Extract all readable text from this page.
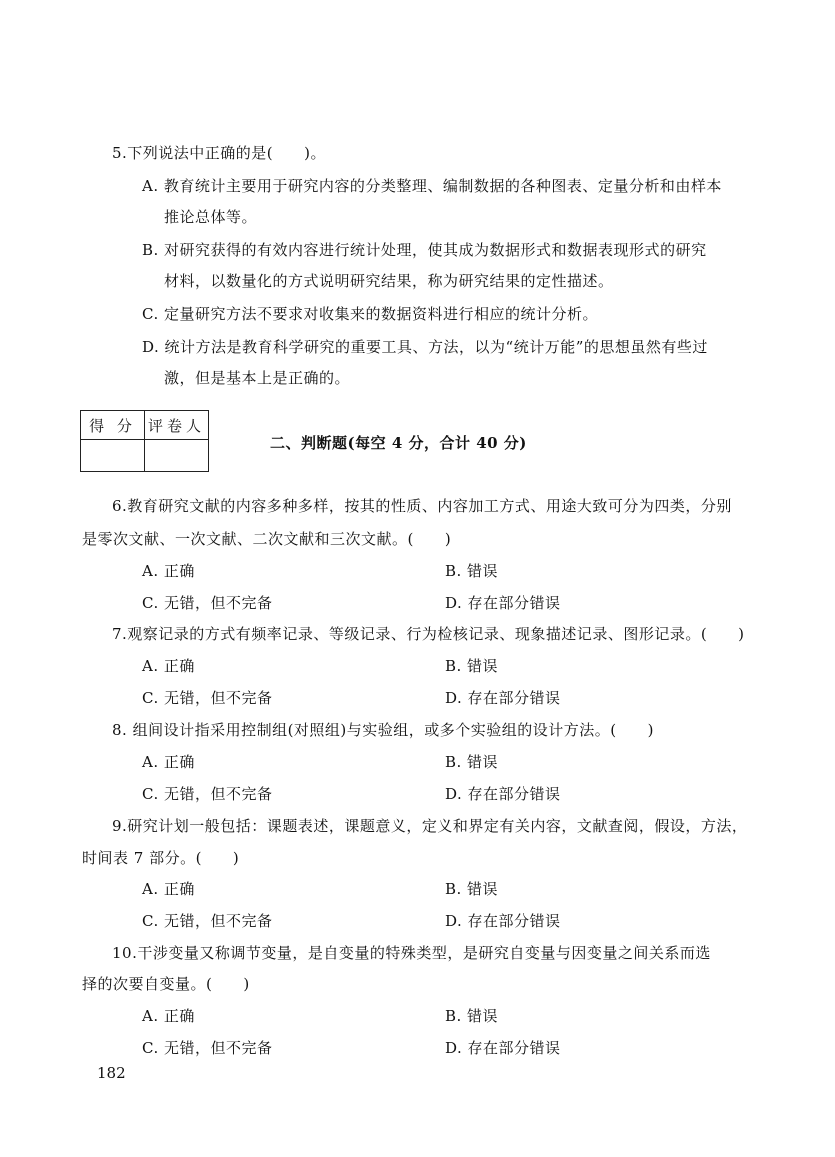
5.下列说法中正确的是(　　)。
A. 教育统计主要用于研究内容的分类整理、编制数据的各种图表、定量分析和由样本
推论总体等。
B. 对研究获得的有效内容进行统计处理，使其成为数据形式和数据表现形式的研究
材料，以数量化的方式说明研究结果，称为研究结果的定性描述。
C. 定量研究方法不要求对收集来的数据资料进行相应的统计分析。
D. 统计方法是教育科学研究的重要工具、方法，以为“统计万能”的思想虽然有些过
激，但是基本上是正确的。
得 分	评卷人

二、判断题(每空 4 分，合计 40 分)
6.教育研究文献的内容多种多样，按其的性质、内容加工方式、用途大致可分为四类，分别
是零次文献、一次文献、二次文献和三次文献。(　　)
A. 正确	B. 错误
C. 无错，但不完备	D. 存在部分错误
7.观察记录的方式有频率记录、等级记录、行为检核记录、现象描述记录、图形记录。(　　)
A. 正确	B. 错误
C. 无错，但不完备	D. 存在部分错误
8. 组间设计指采用控制组(对照组)与实验组，或多个实验组的设计方法。(　　)
A. 正确	B. 错误
C. 无错，但不完备	D. 存在部分错误
9.研究计划一般包括：课题表述，课题意义，定义和界定有关内容，文献查阅，假设，方法，
时间表 7 部分。(　　)
A. 正确	B. 错误
C. 无错，但不完备	D. 存在部分错误
10.干涉变量又称调节变量，是自变量的特殊类型，是研究自变量与因变量之间关系而选
择的次要自变量。(　　)
A. 正确	B. 错误
C. 无错，但不完备	D. 存在部分错误
182
